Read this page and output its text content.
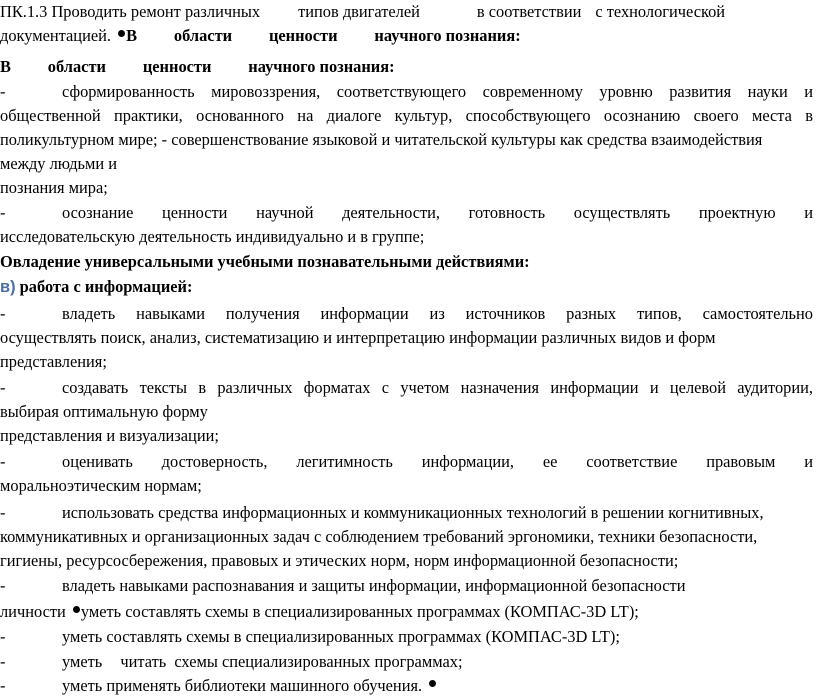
ПК.1.3 Проводить ремонт различных типов двигателей	в соответствии с технологической
документацией. В         области         ценности         научного познания:
В         области         ценности         научного познания:
-	сформированность мировоззрения, соответствующего современному уровню развития науки и
общественной практики, основанного на диалоге культур, способствующего осознанию своего места в
поликультурном мире; - совершенствование языковой и читательской культуры как средства взаимодействия
между людьми и
познания мира;
-	осознание ценности научной деятельности, готовность осуществлять проектную и
исследовательскую деятельность индивидуально и в группе;
Овладение универсальными учебными познавательными действиями:
в) работа с информацией:
-	владеть навыками получения информации из источников разных типов, самостоятельно
осуществлять поиск, анализ, систематизацию и интерпретацию информации различных видов и форм
представления;
-	создавать тексты в различных форматах с учетом назначения информации и целевой аудитории,
выбирая оптимальную форму
представления и визуализации;
-	оценивать достоверность, легитимность информации, ее соответствие правовым и
моральноэтическим нормам;
-	использовать средства информационных и коммуникационных технологий в решении когнитивных,
коммуникативных и организационных задач с соблюдением требований эргономики, техники безопасности,
гигиены, ресурсосбережения, правовых и этических норм, норм информационной безопасности;
-	владеть навыками распознавания и защиты информации, информационной безопасности
личности уметь составлять схемы в специализированных программах (КОМПАС-3D LT);
-	уметь составлять схемы в специализированных программах (КОМПАС-3D LT);
-	уметь читать схемы специализированных программах;
-	уметь применять библиотеки машинного обучения.
